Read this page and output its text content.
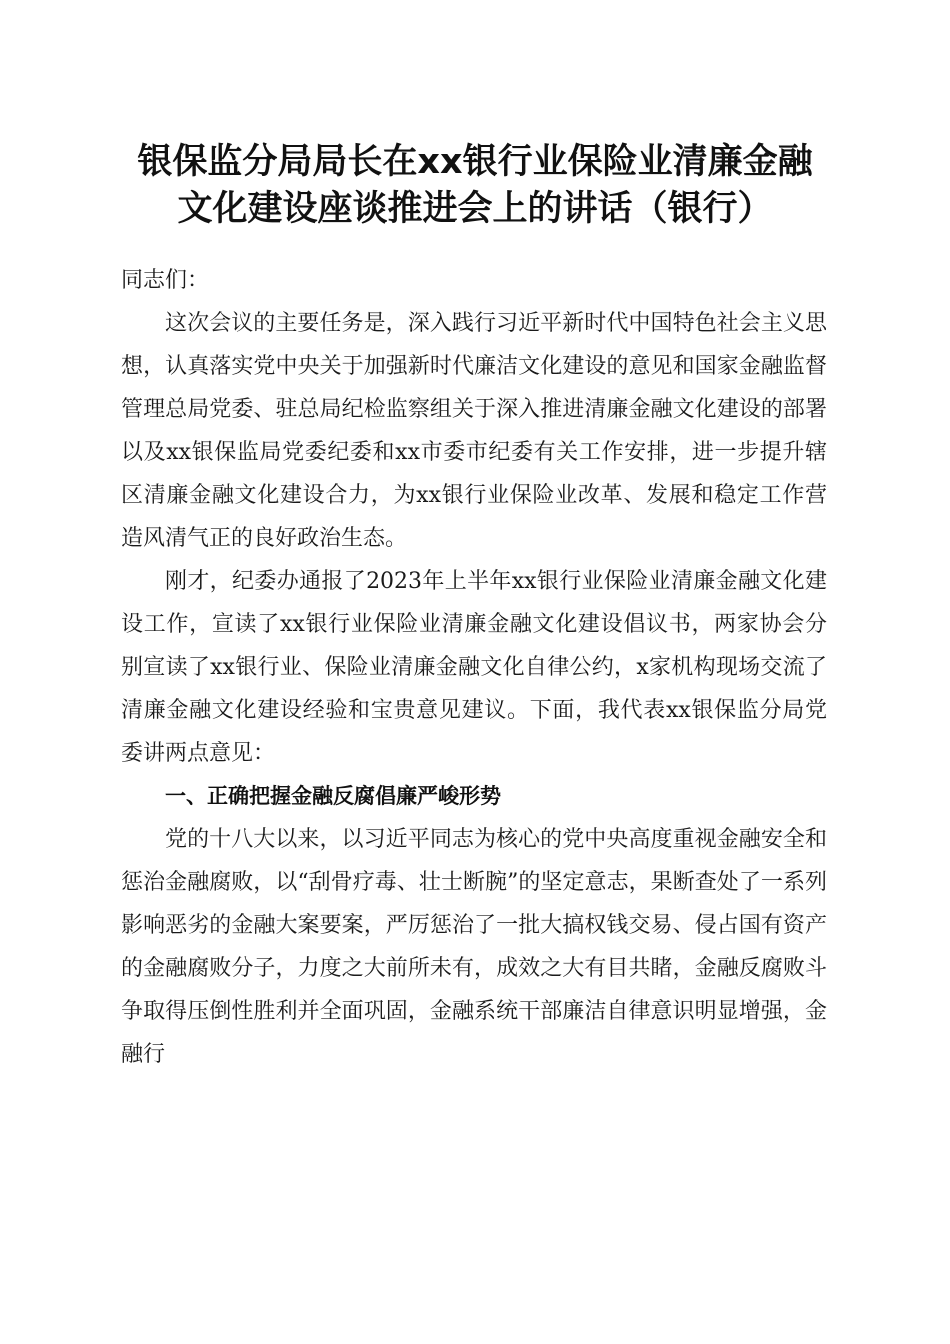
银保监分局局长在xx银行业保险业清廉金融
文化建设座谈推进会上的讲话（银行）

同志们：

这次会议的主要任务是，深入践行习近平新时代中国特色社会主义思想，认真落实党中央关于加强新时代廉洁文化建设的意见和国家金融监督管理总局党委、驻总局纪检监察组关于深入推进清廉金融文化建设的部署以及xx银保监局党委纪委和xx市委市纪委有关工作安排，进一步提升辖区清廉金融文化建设合力，为xx银行业保险业改革、发展和稳定工作营造风清气正的良好政治生态。

刚才，纪委办通报了2023年上半年xx银行业保险业清廉金融文化建设工作，宣读了xx银行业保险业清廉金融文化建设倡议书，两家协会分别宣读了xx银行业、保险业清廉金融文化自律公约，x家机构现场交流了清廉金融文化建设经验和宝贵意见建议。下面，我代表xx银保监分局党委讲两点意见：

一、正确把握金融反腐倡廉严峻形势

党的十八大以来，以习近平同志为核心的党中央高度重视金融安全和惩治金融腐败，以“刮骨疗毒、壮士断腕”的坚定意志，果断查处了一系列影响恶劣的金融大案要案，严厉惩治了一批大搞权钱交易、侵占国有资产的金融腐败分子，力度之大前所未有，成效之大有目共睹，金融反腐败斗争取得压倒性胜利并全面巩固，金融系统干部廉洁自律意识明显增强，金融行
